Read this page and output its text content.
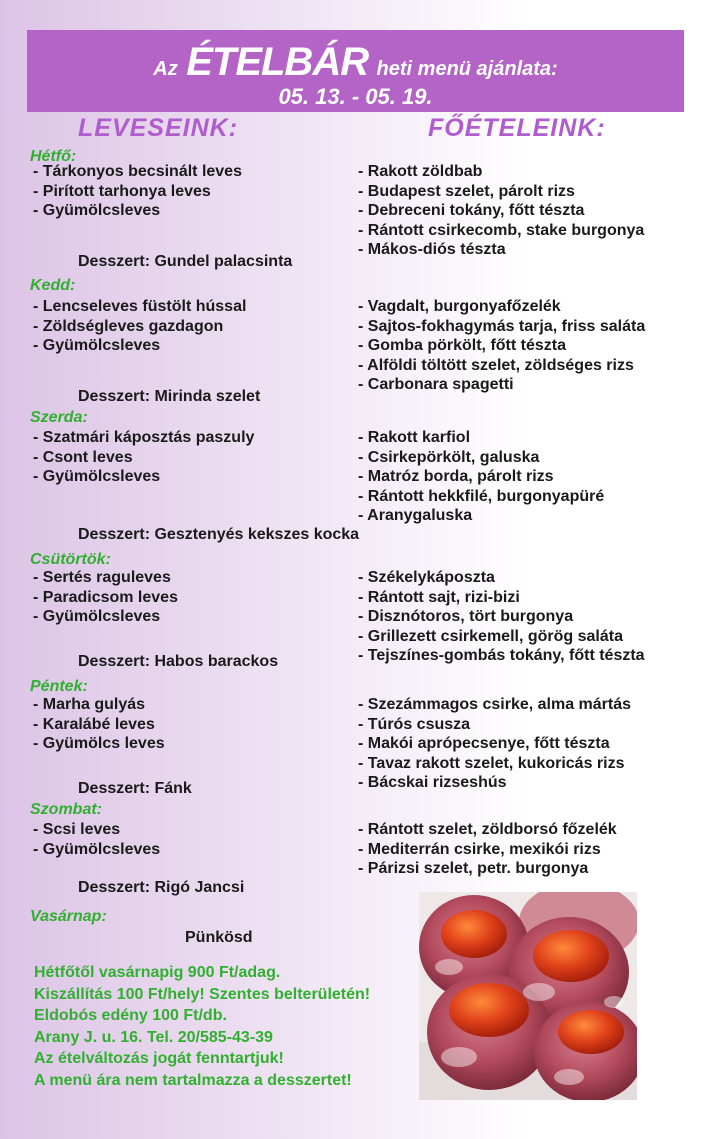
Az ÉTELBÁR heti menü ajánlata:
05. 13. - 05. 19.
LEVESEINK:	FŐÉTELEINK:
Hétfő:
- Tárkonyos becsinált leves
- Pirított tarhonya leves
- Gyümölcsleves
- Rakott zöldbab
- Budapest szelet, párolt rizs
- Debreceni tokány, főtt tészta
- Rántott csirkecomb, stake burgonya
- Mákos-diós tészta
Desszert: Gundel palacsinta
Kedd:
- Lencseleves füstölt hússal
- Zöldségleves gazdagon
- Gyümölcsleves
- Vagdalt, burgonyafőzelék
- Sajtos-fokhagymás tarja, friss saláta
- Gomba pörkölt, főtt tészta
- Alföldi töltött szelet, zöldséges rizs
- Carbonara spagetti
Desszert: Mirinda szelet
Szerda:
- Szatmári káposztás paszuly
- Csont leves
- Gyümölcsleves
- Rakott karfiol
- Csirkepörkölt, galuska
- Matróz borda, párolt rizs
- Rántott hekkfilé, burgonyapüré
- Aranygaluska
Desszert: Gesztenyés kekszes kocka
Csütörtök:
- Sertés raguleves
- Paradicsom leves
- Gyümölcsleves
- Székelykáposzta
- Rántott sajt, rizi-bizi
- Disznótoros, tört burgonya
- Grillezett csirkemell, görög saláta
- Tejszínes-gombás tokány, főtt tészta
Desszert: Habos barackos
Péntek:
- Marha gulyás
- Karalábé leves
- Gyümölcs leves
- Szezámmagos csirke, alma mártás
- Túrós csusza
- Makói aprópecsenye, főtt tészta
- Tavaz rakott szelet, kukoricás rizs
- Bácskai rizseshús
Desszert: Fánk
Szombat:
- Scsi leves
- Gyümölcsleves
- Rántott szelet, zöldborsó főzelék
- Mediterrán csirke, mexikói rizs
- Párizsi szelet, petr. burgonya
Desszert: Rigó Jancsi
Vasárnap:
Pünkösd
Hétfőtől vasárnapig 900 Ft/adag.
Kiszállítás 100 Ft/hely! Szentes belterületén!
Eldobós edény 100 Ft/db.
Arany J. u. 16. Tel. 20/585-43-39
Az ételváltozás jogát fenntartjuk!
A menü ára nem tartalmazza a desszertet!
